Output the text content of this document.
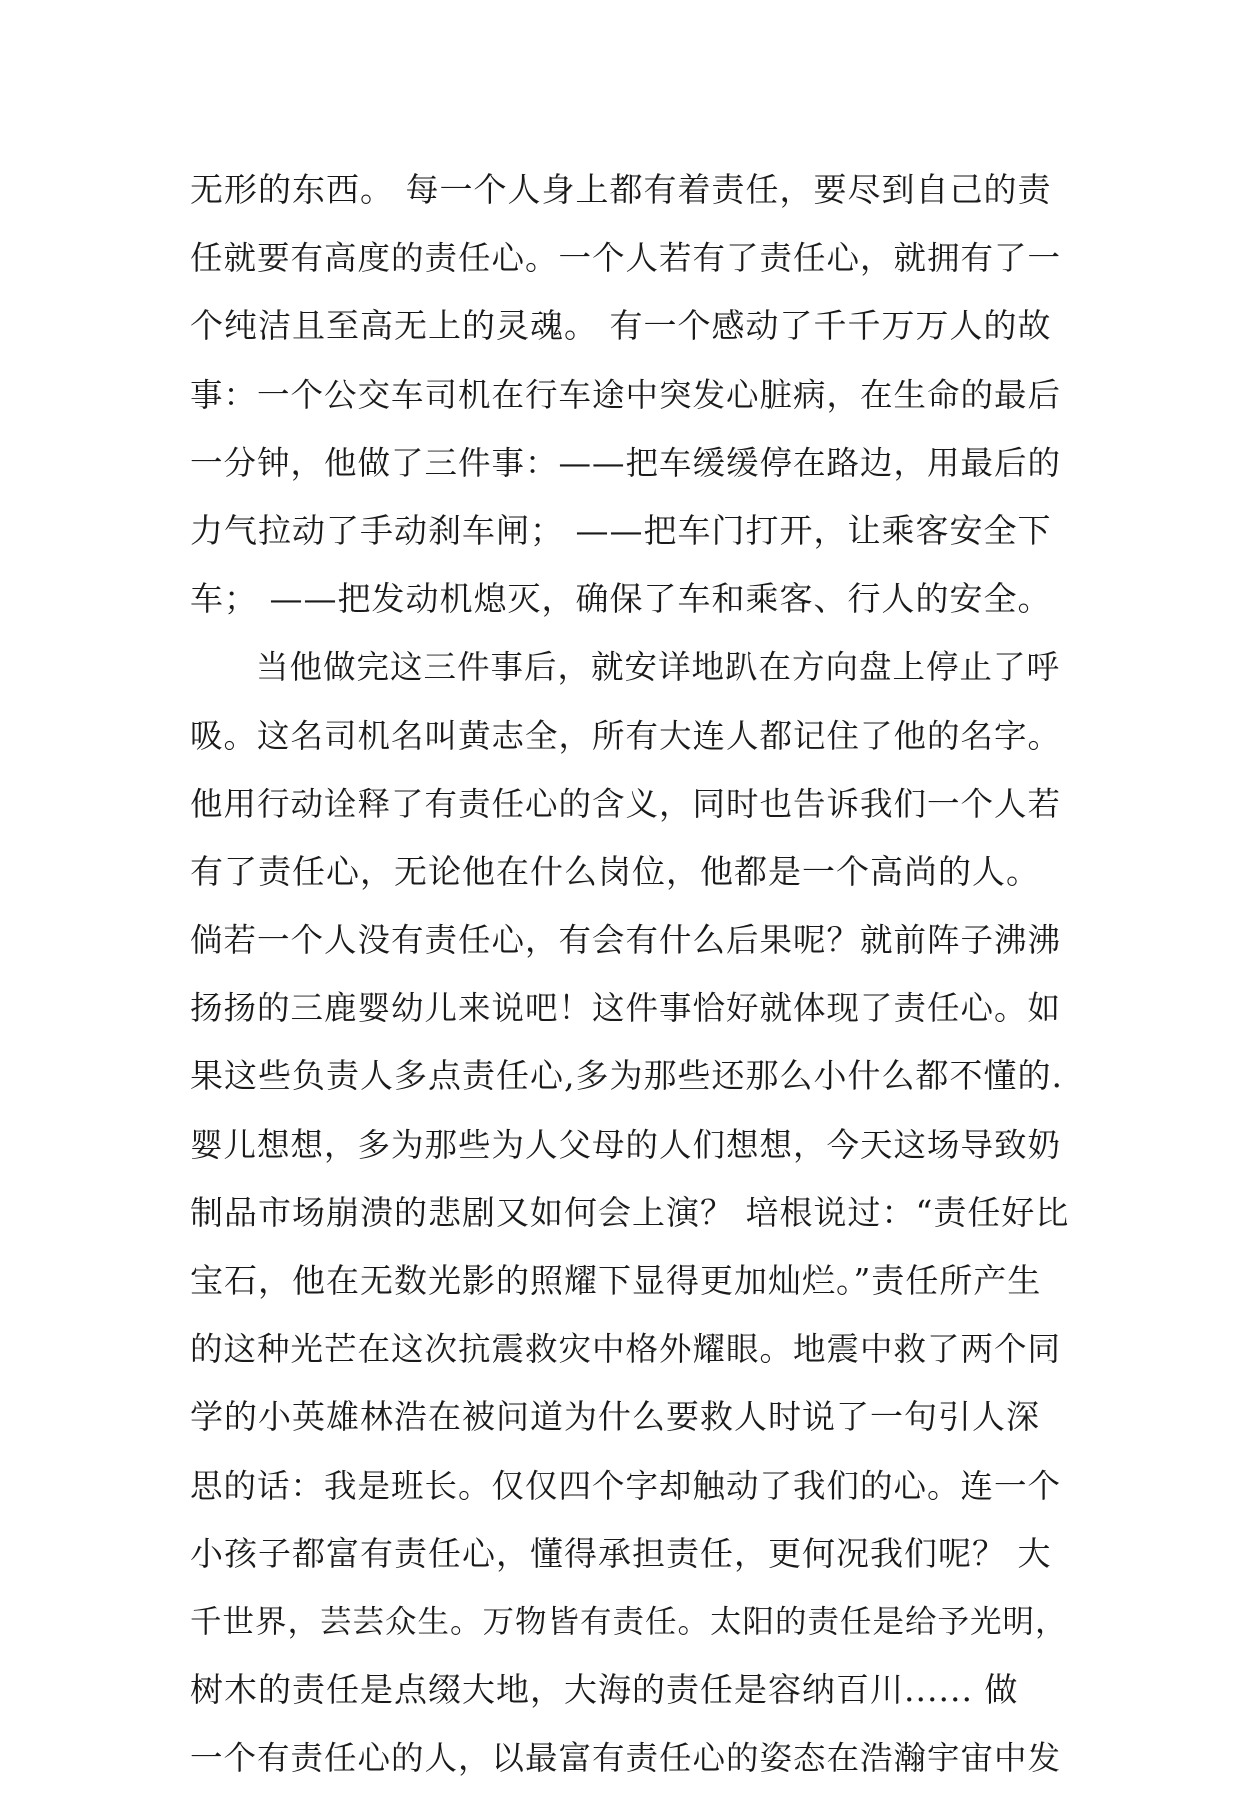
无形的东西。 每一个人身上都有着责任，要尽到自己的责
任就要有高度的责任心。一个人若有了责任心，就拥有了一
个纯洁且至高无上的灵魂。 有一个感动了千千万万人的故
事：一个公交车司机在行车途中突发心脏病，在生命的最后
一分钟，他做了三件事：——把车缓缓停在路边，用最后的
力气拉动了手动刹车闸； ——把车门打开，让乘客安全下
车； ——把发动机熄灭，确保了车和乘客、行人的安全。
当他做完这三件事后，就安详地趴在方向盘上停止了呼
吸。这名司机名叫黄志全，所有大连人都记住了他的名字。
他用行动诠释了有责任心的含义，同时也告诉我们一个人若
有了责任心，无论他在什么岗位，他都是一个高尚的人。
倘若一个人没有责任心，有会有什么后果呢？就前阵子沸沸
扬扬的三鹿婴幼儿来说吧！这件事恰好就体现了责任心。如
果这些负责人多点责任心,多为那些还那么小什么都不懂的.
婴儿想想，多为那些为人父母的人们想想，今天这场导致奶
制品市场崩溃的悲剧又如何会上演？ 培根说过：“责任好比
宝石，他在无数光影的照耀下显得更加灿烂。”责任所产生
的这种光芒在这次抗震救灾中格外耀眼。地震中救了两个同
学的小英雄林浩在被问道为什么要救人时说了一句引人深
思的话：我是班长。仅仅四个字却触动了我们的心。连一个
小孩子都富有责任心，懂得承担责任，更何况我们呢？ 大
千世界，芸芸众生。万物皆有责任。太阳的责任是给予光明，
树木的责任是点缀大地，大海的责任是容纳百川...... 做
一个有责任心的人，以最富有责任心的姿态在浩瀚宇宙中发
